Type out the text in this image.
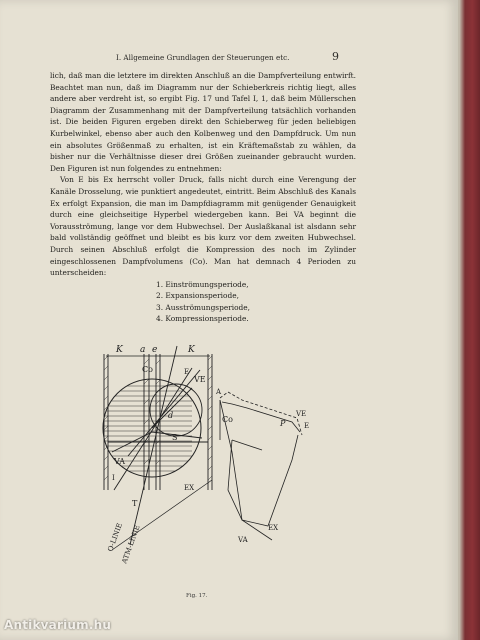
I. Allgemeine Grundlagen der Steuerungen etc.	9

lich, daß man die letztere im direkten Anschluß an die Dampfverteilung entwirft. Beachtet man nun, daß im Diagramm nur der Schieberkreis richtig liegt, alles andere aber verdreht ist, so ergibt Fig. 17 und Tafel I, 1, daß beim Müllerschen Diagramm der Zusammenhang mit der Dampfverteilung tatsächlich vorhanden ist. Die beiden Figuren ergeben direkt den Schieberweg für jeden beliebigen Kurbelwinkel, ebenso aber auch den Kolbenweg und den Dampfdruck. Um nun ein absolutes Größenmaß zu erhalten, ist ein Kräftemaßstab zu wählen, da bisher nur die Verhältnisse dieser drei Größen zueinander gebraucht wurden. Den Figuren ist nun folgendes zu entnehmen:

Von E bis Ex herrscht voller Druck, falls nicht durch eine Verengung der Kanäle Drosselung, wie punktiert angedeutet, eintritt. Beim Abschluß des Kanals Ex erfolgt Expansion, die man im Dampfdiagramm mit genügender Genauigkeit durch eine gleichseitige Hyperbel wiedergeben kann. Bei VA beginnt die Vorausströmung, lange vor dem Hubwechsel. Der Auslaßkanal ist alsdann sehr bald vollständig geöffnet und bleibt es bis kurz vor dem zweiten Hubwechsel. Durch seinen Abschluß erfolgt die Kompression des noch im Zylinder eingeschlossenen Dampfvolumens (Co). Man hat demnach 4 Perioden zu unterscheiden:

1. Einströmungsperiode,
2. Expansionsperiode,
3. Ausströmungsperiode,
4. Kompressionsperiode.
K a e	K
Co
VE
E
d
S
VA
EX
I
A
Co	P
VE
E
EX
VA
T
O-LINIE
ATM-LINIE
Fig. 17.
Antikvarium.hu
